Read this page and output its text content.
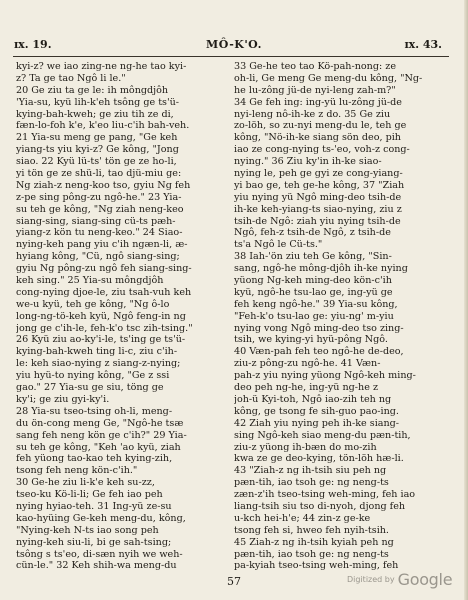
ɪx. 19.	MÔ-K'O.	ɪx. 43.
kyi-z? we iao zing-ne ng-he tao kyi-
z? Ta ge tao Ngô li le."
20 Ge ziu ta ge le: ih môngdjôh
'Yia-su, kyü lih-k'eh tsông ge ts'ü-
kying-bah-kweh; ge ziu tih ze di,
fæn-lo-foh k'e, k'eo liu-c'ih bah-veh.
21 Yia-su meng ge pang, "Ge keh
yiang-ts yiu kyi-z? Ge kông, "Jong
siao. 22 Kyü lü-ts' tön ge ze ho-li,
yi tön ge ze shü-li, tao djü-miu ge:
Ng ziah-z neng-koo tso, gyiu Ng feh
z-pe sing pông-zu ngô-he." 23 Yia-
su teh ge kông, "Ng ziah neng-keo
siang-sing, siang-sing cü-ts pæh-
yiang-z kön tu neng-keo." 24 Siao-
nying-keh pang yiu c'ih ngæn-li, æ-
hyiang kông, "Cü, ngô siang-sing;
gyiu Ng pông-zu ngô feh siang-sing-
keh sing." 25 Yia-su môngdjôh
cong-nying djoe-le, ziu tsah-vuh keh
we-u kyü, teh ge kông, "Ng ô-lo
long-ng-tö-keh kyü, Ngô feng-in ng
jong ge c'ih-le, feh-k'o tsc zih-tsing."
26 Kyü ziu ao-ky'i-le, ts'ing ge ts'ü-
kying-bah-kweh ting li-c, ziu c'ih-
le: keh siao-nying z siang-z-nying;
yiu hyü-to nying kông, "Ge z ssi
gao." 27 Yia-su ge siu, töng ge
ky'i; ge ziu gyi-ky'i.
28 Yia-su tseo-tsing oh-li, meng-
du ön-cong meng Ge, "Ngô-he tsæ
sang feh neng kön ge c'ih?" 29 Yia-
su teh ge kông, "Keh 'ao kyü, ziah
feh yüong tao-kao teh kying-zih,
tsong feh neng kön-c'ih."
30 Ge-he ziu li-k'e keh su-zz,
tseo-ku Kö-li-li; Ge feh iao peh
nying hyiao-teh. 31 Ing-yü ze-su
kao-hyüing Ge-keh meng-du, kông,
"Nying-keh N-ts iao song peh
nying-keh siu-li, bi ge sah-tsing;
tsông s ts'eo, di-sæn nyih we weh-
cün-le." 32 Keh shih-wa meng-du
33 Ge-he teo tao Kö-pah-nong: ze
oh-li, Ge meng Ge meng-du kông, "Ng-
he lu-zông jü-de nyi-leng zah-m?"
34 Ge feh ing: ing-yü lu-zông jü-de
nyi-leng nô-ih-ke z do. 35 Ge ziu
zo-löh, so zu-nyi meng-du le, teh ge
kông, "Nö-ih-ke siang sön deo, pih
iao ze cong-nying ts-'eo, voh-z cong-
nying." 36 Ziu ky'in ih-ke siao-
nying le, peh ge gyi ze cong-yiang-
yi bao ge, teh ge-he kông, 37 "Ziah
yiu nying yü Ngô ming-deo tsih-de
ih-ke keh-yiang-ts siao-nying, ziu z
tsih-de Ngô: ziah yiu nying tsih-de
Ngô, feh-z tsih-de Ngô, z tsih-de
ts'a Ngô le Cü-ts."
38 Iah-'ön ziu teh Ge kông, "Sin-
sang, ngô-he mông-djôh ih-ke nying
yüong Ng-keh ming-deo kön-c'ih
kyü, ngô-he tsu-lao ge, ing-yü ge
feh keng ngô-he." 39 Yia-su kông,
"Feh-k'o tsu-lao ge: yiu-ng' m-yiu
nying vong Ngô ming-deo tso zing-
tsih, we kying-yi hyü-pông Ngô.
40 Væn-pah feh teo ngô-he de-deo,
ziu-z pông-zu ngô-he. 41 Væn-
pah-z yiu nying yüong Ngô-keh ming-
deo peh ng-he, ing-yü ng-he z
joh-ü Kyi-toh, Ngô iao-zih teh ng
kông, ge tsong fe sih-guo pao-ing.
42 Ziah yiu nying peh ih-ke siang-
sing Ngô-keh siao meng-du pæn-tih,
ziu-z yüong ih-bæn do mo-zih
kwa ze ge deo-kying, tön-löh hæ-li.
43 "Ziah-z ng ih-tsih siu peh ng
pæn-tih, iao tsoh ge: ng neng-ts
zæn-z'ih tseo-tsing weh-ming, feh iao
liang-tsih siu tso di-nyoh, djong feh
u-kch hei-h'e; 44 zin-z ge-ke
tsong feh si, hweo feh nyih-tsih.
45 Ziah-z ng ih-tsih kyiah peh ng
pæn-tih, iao tsoh ge: ng neng-ts
pa-kyiah tseo-tsing weh-ming, feh
57	Digitized by Google
